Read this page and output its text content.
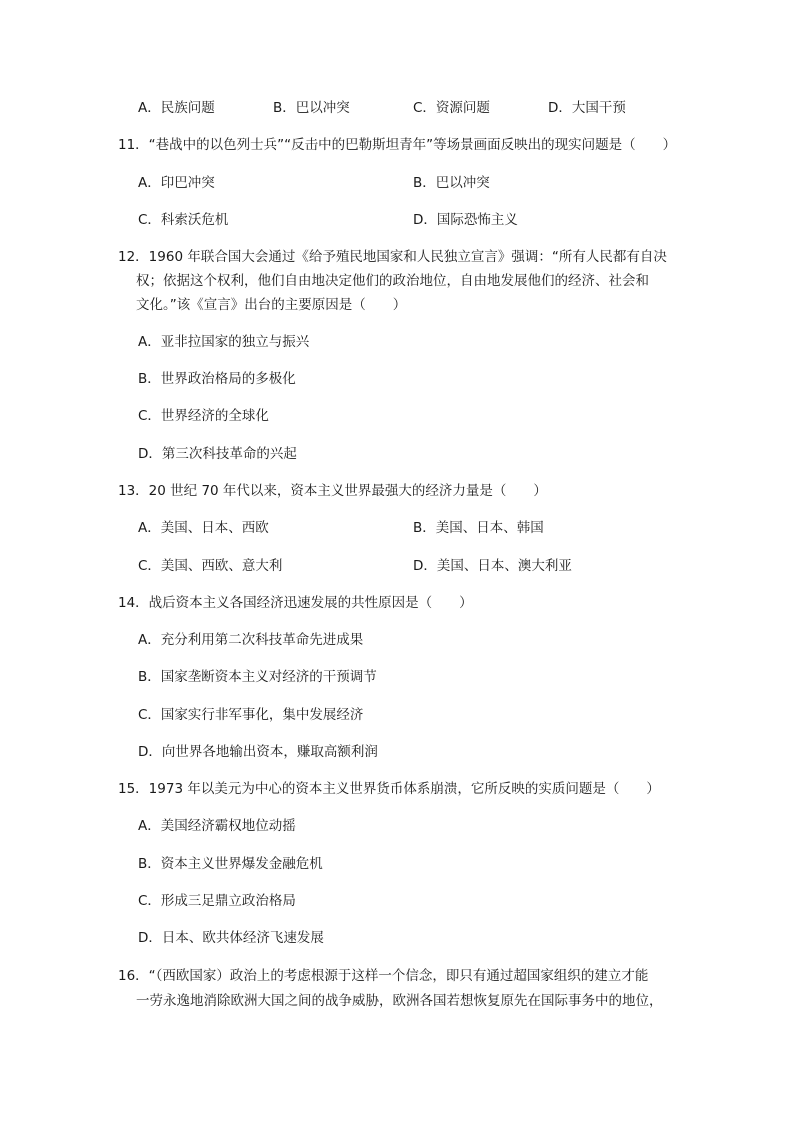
A．民族问题	B．巴以冲突	C．资源问题	D．大国干预
11．“巷战中的以色列士兵”“反击中的巴勒斯坦青年”等场景画面反映出的现实问题是（　　）
A．印巴冲突	B．巴以冲突
C．科索沃危机	D．国际恐怖主义
12．1960 年联合国大会通过《给予殖民地国家和人民独立宣言》强调：“所有人民都有自决
权；依据这个权利，他们自由地决定他们的政治地位，自由地发展他们的经济、社会和
文化。”该《宣言》出台的主要原因是（　　）
A．亚非拉国家的独立与振兴
B．世界政治格局的多极化
C．世界经济的全球化
D．第三次科技革命的兴起
13．20 世纪 70 年代以来，资本主义世界最强大的经济力量是（　　）
A．美国、日本、西欧	B．美国、日本、韩国
C．美国、西欧、意大利	D．美国、日本、澳大利亚
14．战后资本主义各国经济迅速发展的共性原因是（　　）
A．充分利用第二次科技革命先进成果
B．国家垄断资本主义对经济的干预调节
C．国家实行非军事化，集中发展经济
D．向世界各地输出资本，赚取高额利润
15．1973 年以美元为中心的资本主义世界货币体系崩溃，它所反映的实质问题是（　　）
A．美国经济霸权地位动摇
B．资本主义世界爆发金融危机
C．形成三足鼎立政治格局
D．日本、欧共体经济飞速发展
16．“（西欧国家）政治上的考虑根源于这样一个信念，即只有通过超国家组织的建立才能
一劳永逸地消除欧洲大国之间的战争威胁，欧洲各国若想恢复原先在国际事务中的地位，
